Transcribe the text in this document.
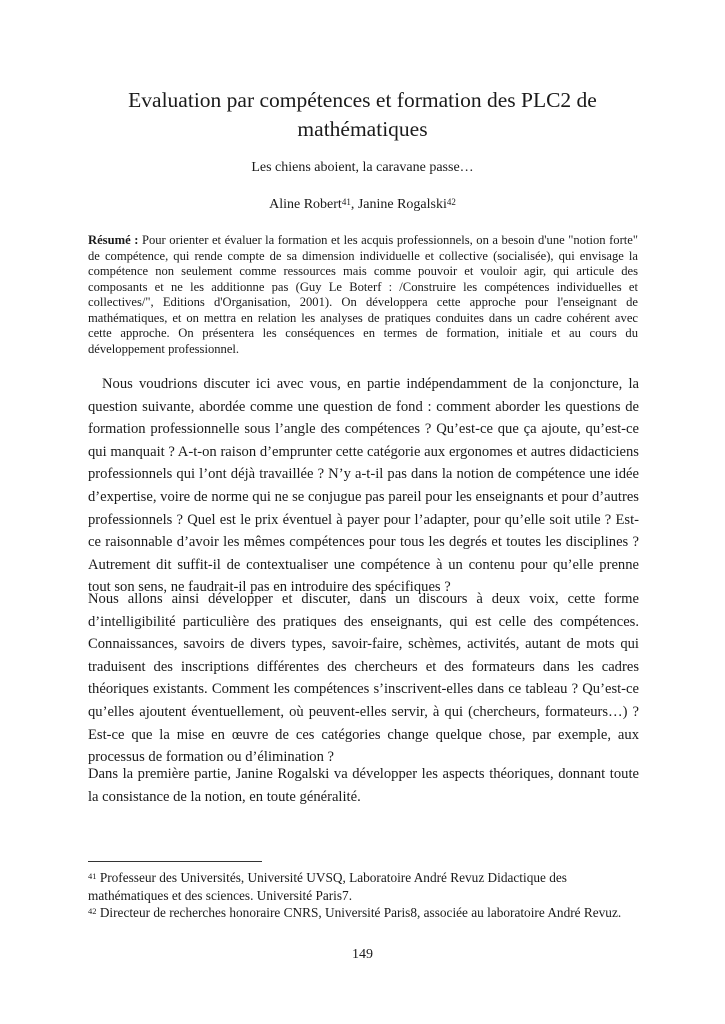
Evaluation par compétences et formation des PLC2 de mathématiques
Les chiens aboient, la caravane passe…
Aline Robert$^{41}$, Janine Rogalski$^{42}$
Résumé : Pour orienter et évaluer la formation et les acquis professionnels, on a besoin d'une "notion forte" de compétence, qui rende compte de sa dimension individuelle et collective (socialisée), qui envisage la compétence non seulement comme ressources mais comme pouvoir et vouloir agir, qui articule des composants et ne les additionne pas (Guy Le Boterf : /Construire les compétences individuelles et collectives/", Editions d'Organisation, 2001). On développera cette approche pour l'enseignant de mathématiques, et on mettra en relation les analyses de pratiques conduites dans un cadre cohérent avec cette approche. On présentera les conséquences en termes de formation, initiale et au cours du développement professionnel.

Nous voudrions discuter ici avec vous, en partie indépendamment de la conjoncture, la question suivante, abordée comme une question de fond : comment aborder les questions de formation professionnelle sous l’angle des compétences ? Qu’est-ce que ça ajoute, qu’est-ce qui manquait ? A-t-on raison d’emprunter cette catégorie aux ergonomes et autres didacticiens professionnels qui l’ont déjà travaillée ? N’y a-t-il pas dans la notion de compétence une idée d’expertise, voire de norme qui ne se conjugue pas pareil pour les enseignants et pour d’autres professionnels ? Quel est le prix éventuel à payer pour l’adapter, pour qu’elle soit utile ? Est-ce raisonnable d’avoir les mêmes compétences pour tous les degrés et toutes les disciplines ? Autrement dit suffit-il de contextualiser une compétence à un contenu pour qu’elle prenne tout son sens, ne faudrait-il pas en introduire des spécifiques ?

Nous allons ainsi développer et discuter, dans un discours à deux voix, cette forme d’intelligibilité particulière des pratiques des enseignants, qui est celle des compétences. Connaissances, savoirs de divers types, savoir-faire, schèmes, activités, autant de mots qui traduisent des inscriptions différentes des chercheurs et des formateurs dans les cadres théoriques existants. Comment les compétences s’inscrivent-elles dans ce tableau ? Qu’est-ce qu’elles ajoutent éventuellement, où peuvent-elles servir, à qui (chercheurs, formateurs…) ? Est-ce que la mise en œuvre de ces catégories change quelque chose, par exemple, aux processus de formation ou d’élimination ?

Dans la première partie, Janine Rogalski va développer les aspects théoriques, donnant toute la consistance de la notion, en toute généralité.

$^{41}$ Professeur des Universités, Université UVSQ, Laboratoire André Revuz Didactique des mathématiques et des sciences. Université Paris7.
$^{42}$ Directeur de recherches honoraire CNRS, Université Paris8, associée au laboratoire André Revuz.
149
